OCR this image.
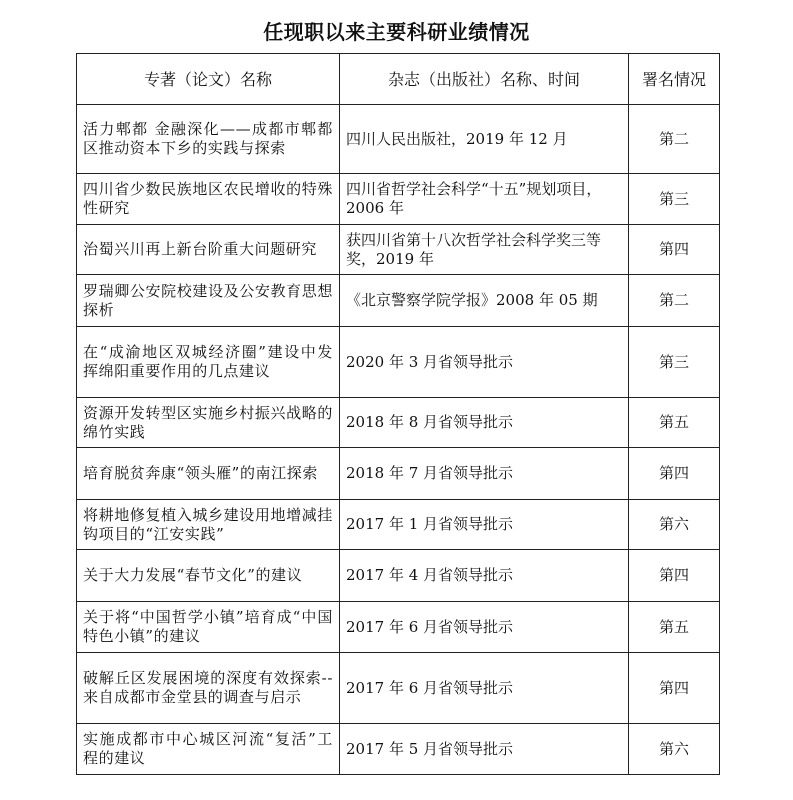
任现职以来主要科研业绩情况
专著（论文）名称	杂志（出版社）名称、时间	署名情况
活力郫都 金融深化——成都市郫都区推动资本下乡的实践与探索	四川人民出版社，2019 年 12 月	第二
四川省少数民族地区农民增收的特殊性研究	四川省哲学社会科学“十五”规划项目，2006 年	第三
治蜀兴川再上新台阶重大问题研究	获四川省第十八次哲学社会科学奖三等奖，2019 年	第四
罗瑞卿公安院校建设及公安教育思想探析	《北京警察学院学报》2008 年 05 期	第二
在“成渝地区双城经济圈”建设中发挥绵阳重要作用的几点建议	2020 年 3 月省领导批示	第三
资源开发转型区实施乡村振兴战略的绵竹实践	2018 年 8 月省领导批示	第五
培育脱贫奔康“领头雁”的南江探索	2018 年 7 月省领导批示	第四
将耕地修复植入城乡建设用地增减挂钩项目的“江安实践”	2017 年 1 月省领导批示	第六
关于大力发展“春节文化”的建议	2017 年 4 月省领导批示	第四
关于将“中国哲学小镇”培育成“中国特色小镇”的建议	2017 年 6 月省领导批示	第五
破解丘区发展困境的深度有效探索--来自成都市金堂县的调查与启示	2017 年 6 月省领导批示	第四
实施成都市中心城区河流“复活”工程的建议	2017 年 5 月省领导批示	第六
